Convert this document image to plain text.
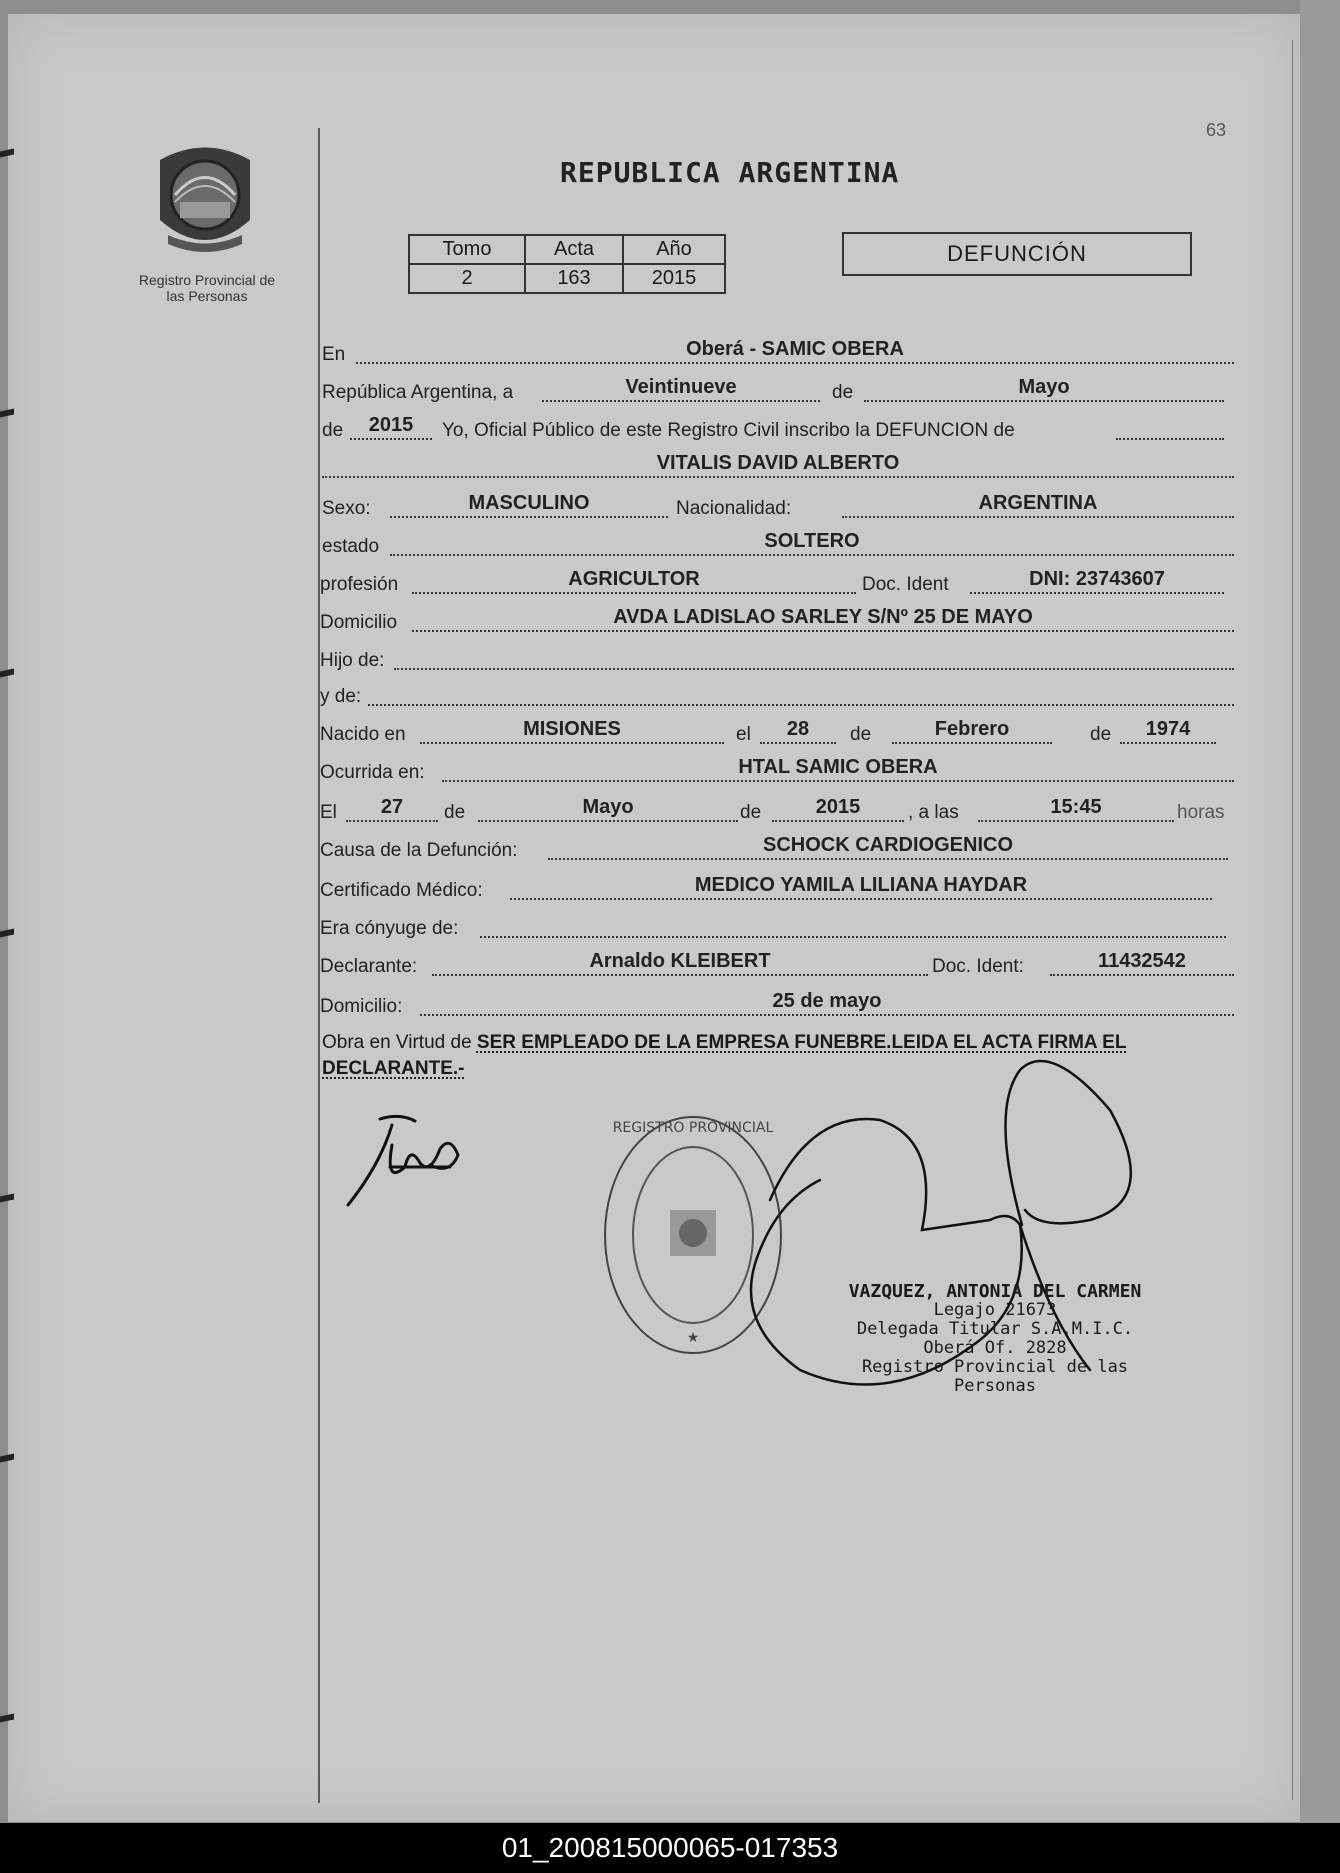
Registro Provincial de
las Personas
63
REPUBLICA ARGENTINA
Tomo	Acta	Año
2	163	2015
DEFUNCIÓN
En	Oberá - SAMIC OBERA
República Argentina, a	Veintinueve	de	Mayo
de	2015	Yo, Oficial Público de este Registro Civil inscribo la DEFUNCION de
VITALIS DAVID ALBERTO
Sexo:	MASCULINO	Nacionalidad:	ARGENTINA
estado	SOLTERO
profesión	AGRICULTOR	Doc. Ident	DNI: 23743607
Domicilio	AVDA LADISLAO SARLEY S/Nº 25 DE MAYO
Hijo de:
y de:
Nacido en	MISIONES	el	28	de	Febrero	de	1974
Ocurrida en:	HTAL SAMIC OBERA
El	27	de	Mayo	de	2015	, a las	15:45	horas
Causa de la Defunción:	SCHOCK CARDIOGENICO
Certificado Médico:	MEDICO YAMILA LILIANA HAYDAR
Era cónyuge de:
Declarante:	Arnaldo KLEIBERT	Doc. Ident:	11432542
Domicilio:	25 de mayo
Obra en Virtud de SER EMPLEADO DE LA EMPRESA FUNEBRE.LEIDA EL ACTA FIRMA EL DECLARANTE.-
REGISTRO PROVINCIAL
★
VAZQUEZ, ANTONIA DEL CARMEN
Legajo 21673
Delegada Titular S.A.M.I.C. Oberá Of. 2828
Registro Provincial de las Personas
01_200815000065-017353
